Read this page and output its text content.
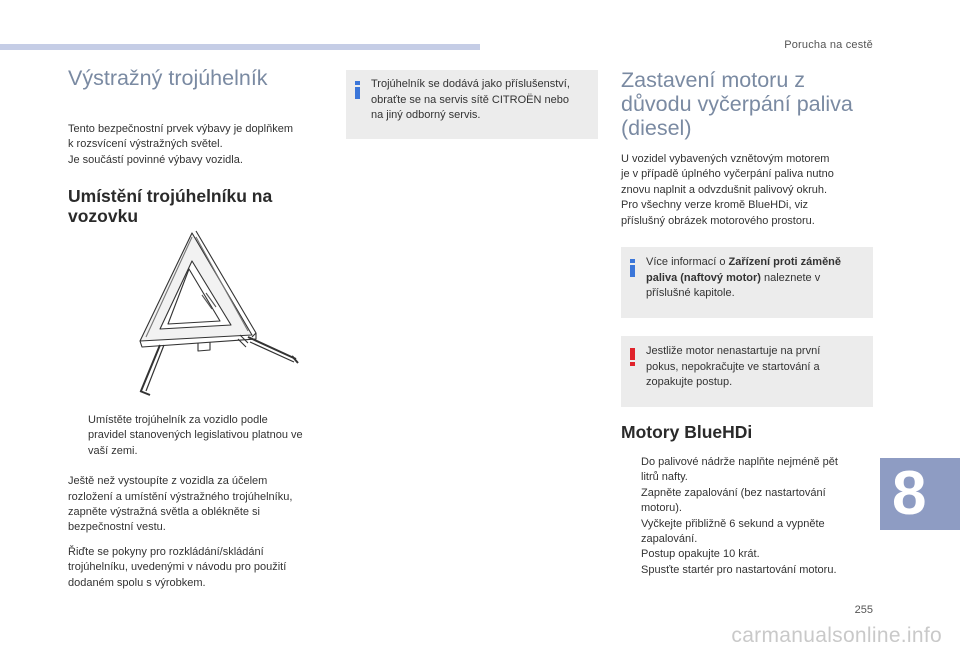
Porucha na cestě
Výstražný trojúhelník

Tento bezpečnostní prvek výbavy je doplňkem
k rozsvícení výstražných světel.
Je součástí povinné výbavy vozidla.

Umístění trojúhelníku na
vozovku
Umístěte trojúhelník za vozidlo podle
pravidel stanovených legislativou platnou ve
vaší zemi.

Ještě než vystoupíte z vozidla za účelem
rozložení a umístění výstražného trojúhelníku,
zapněte výstražná světla a oblékněte si
bezpečnostní vestu.

Řiďte se pokyny pro rozkládání/skládání
trojúhelníku, uvedenými v návodu pro použití
dodaném spolu s výrobkem.

Trojúhelník se dodává jako příslušenství,
obraťte se na servis sítě CITROËN nebo
na jiný odborný servis.
Zastavení motoru z
důvodu vyčerpání paliva
(diesel)

U vozidel vybavených vznětovým motorem
je v případě úplného vyčerpání paliva nutno
znovu naplnit a odvzdušnit palivový okruh.
Pro všechny verze kromě BlueHDi, viz
příslušný obrázek motorového prostoru.

Více informací o Zařízení proti záměně
paliva (naftový motor) naleznete v
příslušné kapitole.
Jestliže motor nenastartuje na první
pokus, nepokračujte ve startování a
zopakujte postup.
Motory BlueHDi
Do palivové nádrže naplňte nejméně pět
litrů nafty.
Zapněte zapalování (bez nastartování
motoru).
Vyčkejte přibližně 6 sekund a vypněte
zapalování.
Postup opakujte 10 krát.
Spusťte startér pro nastartování motoru.
8
255
carmanualsonline.info
